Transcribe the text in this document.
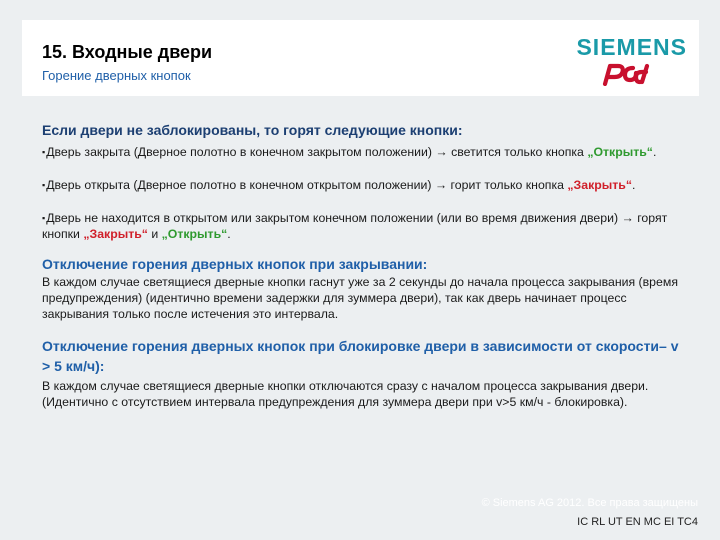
15. Входные двери
Горение дверных кнопок
SIEMENS
Если двери не заблокированы, то горят следующие кнопки:

▪ Дверь закрыта (Дверное полотно в конечном закрытом положении) → светится только кнопка „Открыть“.

▪ Дверь открыта (Дверное полотно в конечном открытом положении) → горит только кнопка „Закрыть“.

▪ Дверь не находится в открытом или закрытом конечном положении (или во время движения двери) → горят кнопки „Закрыть“ и „Открыть“.

Отключение горения дверных кнопок при закрывании:

В каждом случае светящиеся дверные кнопки гаснут уже за 2 секунды до начала процесса закрывания (время предупреждения) (идентично времени задержки для зуммера двери), так как дверь начинает процесс закрывания только после истечения это интервала.

Отключение горения дверных кнопок при блокировке двери в зависимости от скорости– v > 5 км/ч):

В каждом случае светящиеся дверные кнопки отключаются сразу с началом процесса закрывания двери. (Идентично с отсутствием интервала предупреждения для зуммера двери при v>5 км/ч - блокировка).

© Siemens AG 2012. Все права защищены
IC RL UT EN MC EI TC4
